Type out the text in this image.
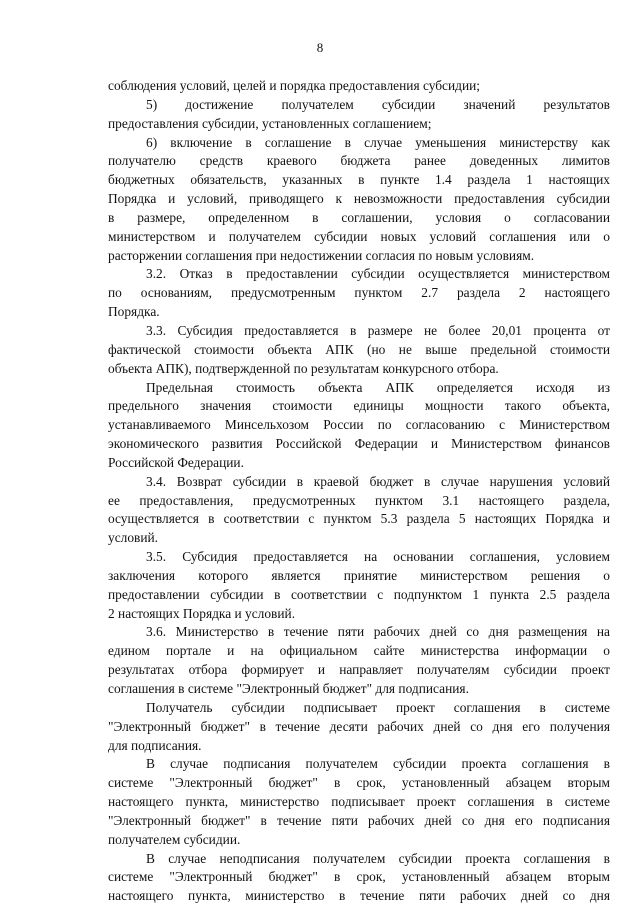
8
соблюдения условий, целей и порядка предоставления субсидии;
5) достижение получателем субсидии значений результатов
предоставления субсидии, установленных соглашением;
6) включение в соглашение в случае уменьшения министерству как
получателю средств краевого бюджета ранее доведенных лимитов
бюджетных обязательств, указанных в пункте 1.4 раздела 1 настоящих
Порядка и условий, приводящего к невозможности предоставления субсидии
в размере, определенном в соглашении, условия о согласовании
министерством и получателем субсидии новых условий соглашения или о
расторжении соглашения при недостижении согласия по новым условиям.
3.2. Отказ в предоставлении субсидии осуществляется министерством
по основаниям, предусмотренным пунктом 2.7 раздела 2 настоящего
Порядка.
3.3. Субсидия предоставляется в размере не более 20,01 процента от
фактической стоимости объекта АПК (но не выше предельной стоимости
объекта АПК), подтвержденной по результатам конкурсного отбора.
Предельная стоимость объекта АПК определяется исходя из
предельного значения стоимости единицы мощности такого объекта,
устанавливаемого Минсельхозом России по согласованию с Министерством
экономического развития Российской Федерации и Министерством финансов
Российской Федерации.
3.4. Возврат субсидии в краевой бюджет в случае нарушения условий
ее предоставления, предусмотренных пунктом 3.1 настоящего раздела,
осуществляется в соответствии с пунктом 5.3 раздела 5 настоящих Порядка и
условий.
3.5. Субсидия предоставляется на основании соглашения, условием
заключения которого является принятие министерством решения о
предоставлении субсидии в соответствии с подпунктом 1 пункта 2.5 раздела
2 настоящих Порядка и условий.
3.6. Министерство в течение пяти рабочих дней со дня размещения на
едином портале и на официальном сайте министерства информации о
результатах отбора формирует и направляет получателям субсидии проект
соглашения в системе "Электронный бюджет" для подписания.
Получатель субсидии подписывает проект соглашения в системе
"Электронный бюджет" в течение десяти рабочих дней со дня его получения
для подписания.
В случае подписания получателем субсидии проекта соглашения в
системе "Электронный бюджет" в срок, установленный абзацем вторым
настоящего пункта, министерство подписывает проект соглашения в системе
"Электронный бюджет" в течение пяти рабочих дней со дня его подписания
получателем субсидии.
В случае неподписания получателем субсидии проекта соглашения в
системе "Электронный бюджет" в срок, установленный абзацем вторым
настоящего пункта, министерство в течение пяти рабочих дней со дня
